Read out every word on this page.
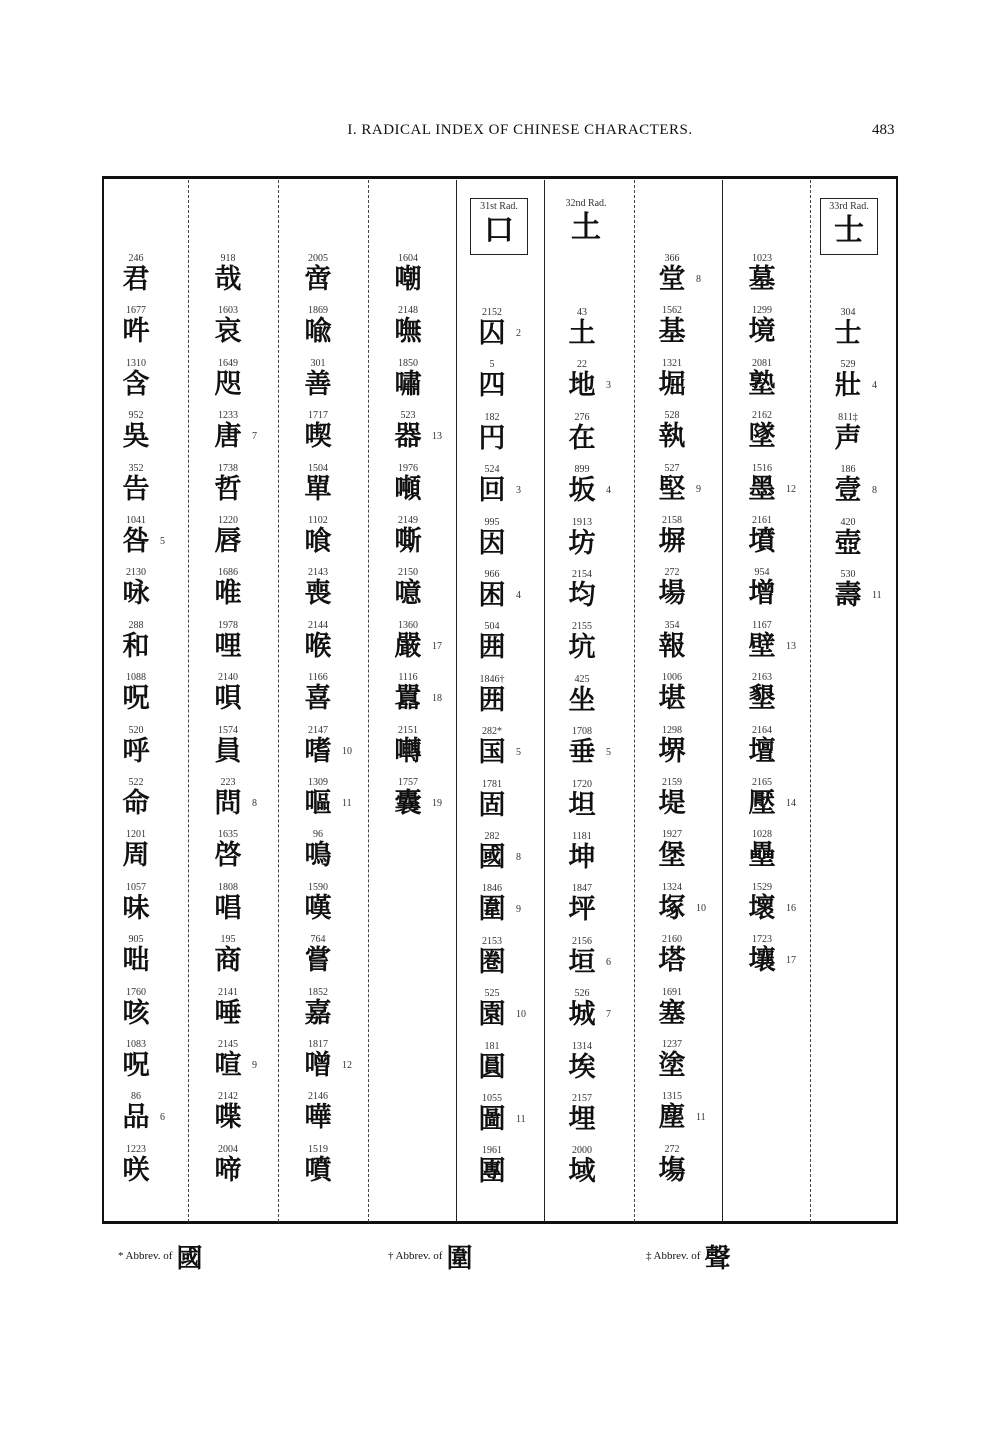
I. RADICAL INDEX OF CHINESE CHARACTERS.	483
31st Rad.
口
32nd Rad.
土
33rd Rad.
士
246
君
1677
吽
1310
含
952
吳
352
告
1041
咎	5
2130
咏
288
和
1088
呪
520
呼
522
命
1201
周
1057
味
905
咄
1760
咳
1083
呪
86
品	6
1223
咲
918
哉
1603
哀
1649
咫
1233
唐	7
1738
哲
1220
唇
1686
唯
1978
哩
2140
唄
1574
員
223
問	8
1635
啓
1808
唱
195
商
2141
唾
2145
喧	9
2142
喋
2004
啼
2005
啻
1869
喩
301
善
1717
喫
1504
單
1102
喰
2143
喪
2144
喉
1166
喜
2147
嗜	10
1309
嘔	11
96
鳴
1590
嘆
764
嘗
1852
嘉
1817
噌	12
2146
嘩
1519
噴
1604
嘲
2148
嘸
1850
嘯
523
器	13
1976
噸
2149
嘶
2150
噫
1360
嚴	17
1116
囂	18
2151
囀
1757
囊	19
2152
囚	2
5
四
182
円
524
回	3
995
因
966
困	4
504
囲
1846†
囲
282*
国	5
1781
固
282
國	8
1846
圍	9
2153
圏
525
園	10
181
圓
1055
圖	11
1961
團
43
土
22
地	3
276
在
899
坂	4
1913
坊
2154
均
2155
坑
425
坐
1708
垂	5
1720
坦
1181
坤
1847
坪
2156
垣	6
526
城	7
1314
埃
2157
埋
2000
域
366
堂	8
1562
基
1321
堀
528
執
527
堅	9
2158
塀
272
場
354
報
1006
堪
1298
堺
2159
堤
1927
堡
1324
塚	10
2160
塔
1691
塞
1237
塗
1315
塵	11
272
塲
1023
墓
1299
境
2081
塾
2162
墜
1516
墨	12
2161
墳
954
增
1167
壁	13
2163
墾
2164
壇
2165
壓	14
1028
壘
1529
壞	16
1723
壤	17
304
士
529
壯	4
811‡
声
186
壹	8
420
壺
530
壽	11
* Abbrev. of 國	† Abbrev. of 圍	‡ Abbrev. of 聲
